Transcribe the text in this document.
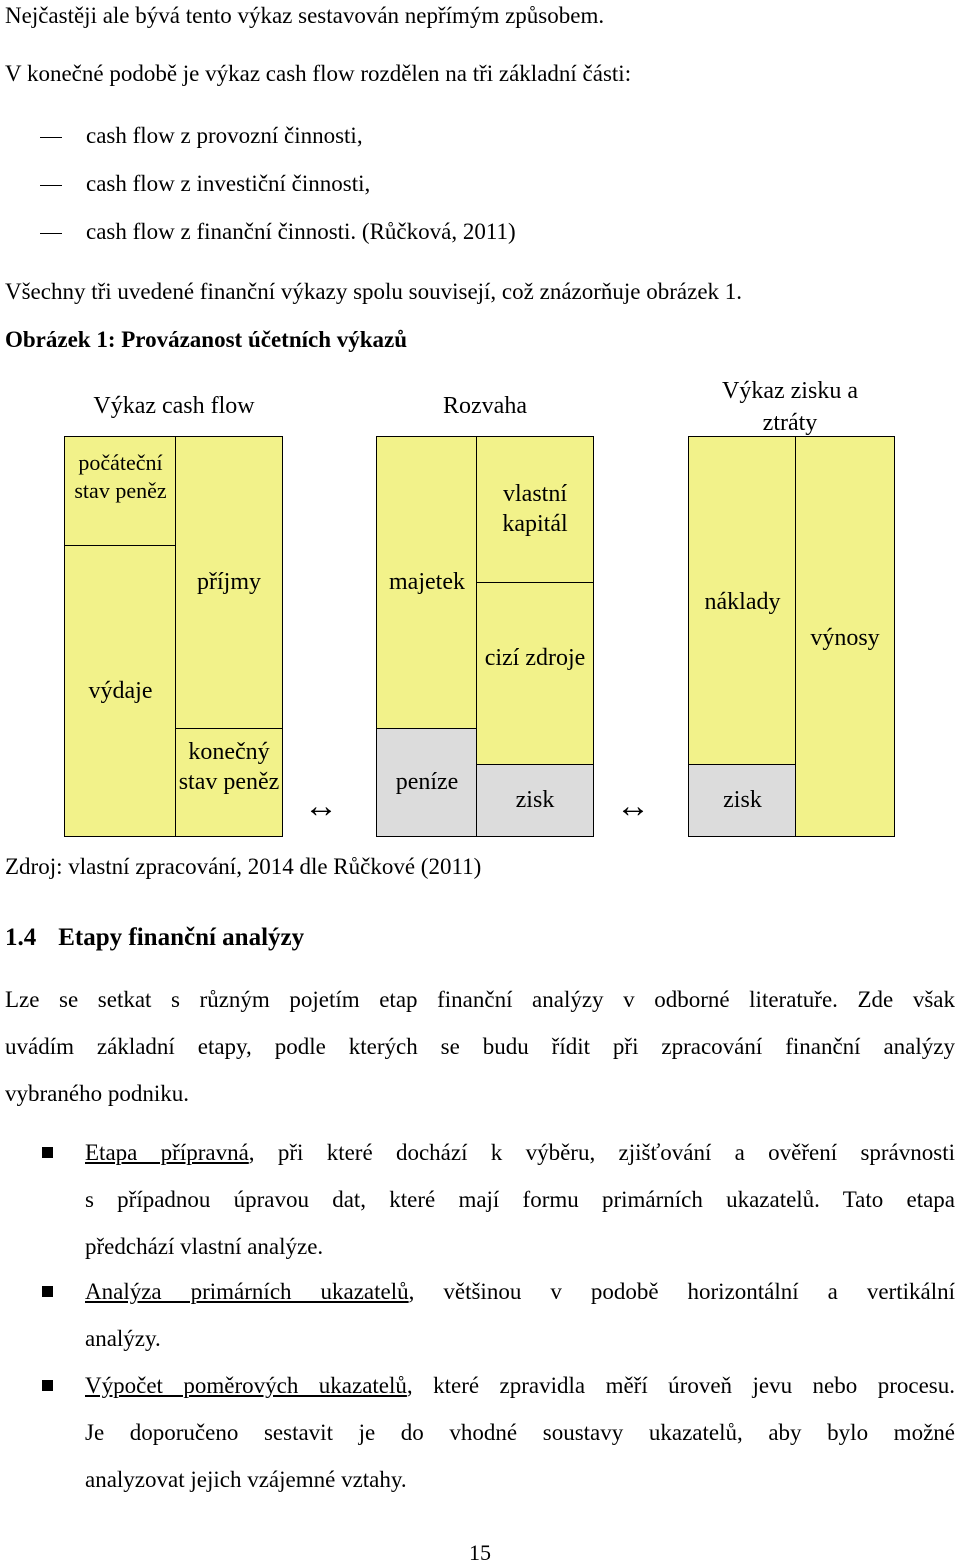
Nejčastěji ale bývá tento výkaz sestavován nepřímým způsobem.
V konečné podobě je výkaz cash flow rozdělen na tři základní části:
cash flow z provozní činnosti,
cash flow z investiční činnosti,
cash flow z finanční činnosti. (Růčková, 2011)
Všechny tři uvedené finanční výkazy spolu souvisejí, což znázorňuje obrázek 1.
Obrázek 1: Provázanost účetních výkazů
Výkaz cash flow	Rozvaha
Výkaz zisku a ztráty
počáteční stav peněz
výdaje
příjmy
konečný stav peněz
↔
majetek
peníze
vlastní kapitál
cizí zdroje
zisk	↔
náklady
zisk
výnosy
Zdroj: vlastní zpracování, 2014 dle Růčkové (2011)
1.4 Etapy finanční analýzy
Lze se setkat s různým pojetím etap finanční analýzy v odborné literatuře. Zde však
uvádím základní etapy, podle kterých se budu řídit při zpracování finanční analýzy
vybraného podniku.
Etapa přípravná, při které dochází k výběru, zjišťování a ověření správnosti
s případnou úpravou dat, které mají formu primárních ukazatelů. Tato etapa
předchází vlastní analýze.
Analýza primárních ukazatelů, většinou v podobě horizontální a vertikální
analýzy.
Výpočet poměrových ukazatelů, které zpravidla měří úroveň jevu nebo procesu.
Je doporučeno sestavit je do vhodné soustavy ukazatelů, aby bylo možné
analyzovat jejich vzájemné vztahy.
15
